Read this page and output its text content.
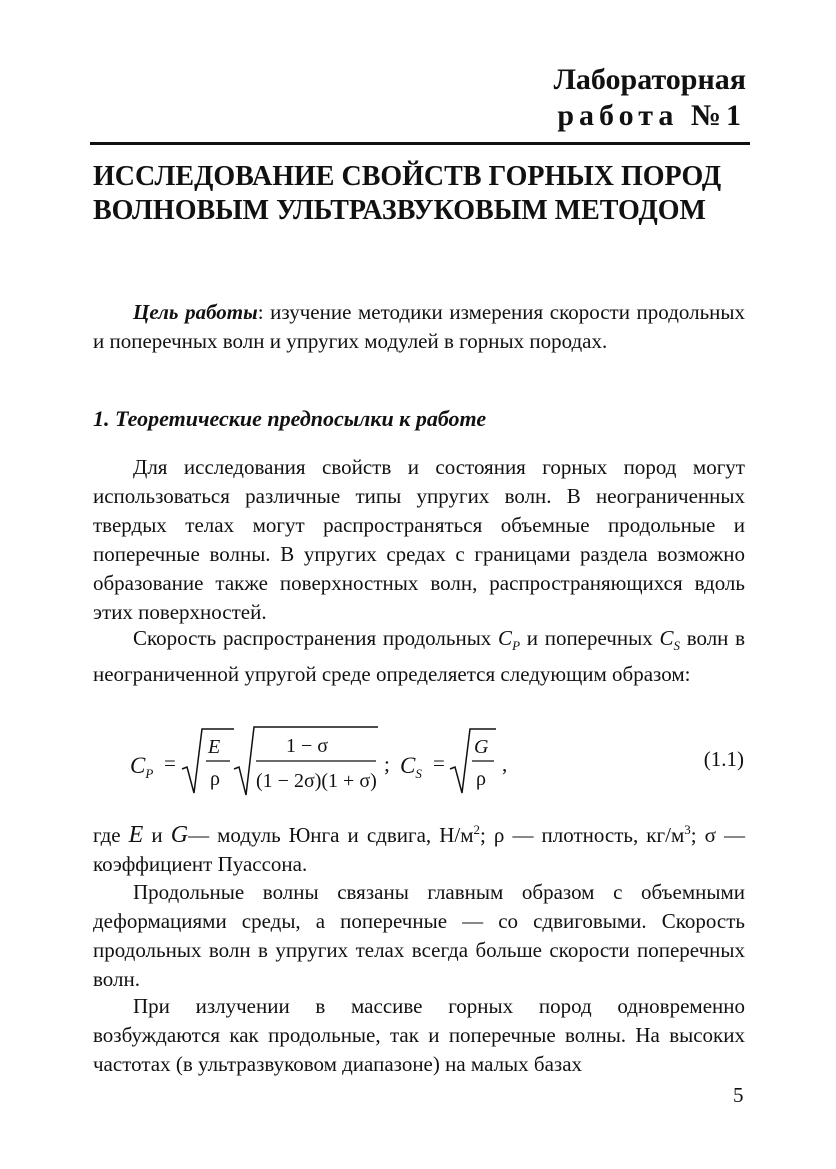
Лабораторная
работа №1
ИССЛЕДОВАНИЕ СВОЙСТВ ГОРНЫХ ПОРОД ВОЛНОВЫМ УЛЬТРАЗВУКОВЫМ МЕТОДОМ
Цель работы: изучение методики измерения скорости продольных и поперечных волн и упругих модулей в горных породах.
1. Теоретические предпосылки к работе
Для исследования свойств и состояния горных пород могут использоваться различные типы упругих волн. В неограниченных твердых телах могут распространяться объемные продольные и поперечные волны. В упругих средах с границами раздела возможно образование также поверхностных волн, распространяющихся вдоль этих поверхностей.
Скорость распространения продольных $C_P$ и поперечных $C_S$ волн в неограниченной упругой среде определяется следующим образом:
$C_P$ =
E
ρ
1 − σ
(1 − 2σ)(1 + σ)
; $C_S$ =
G
ρ
,	(1.1)
где E и G— модуль Юнга и сдвига, $Н/м^2$; ρ — плотность, $кг/м^3$; σ — коэффициент Пуассона.
Продольные волны связаны главным образом с объемными деформациями среды, а поперечные — со сдвиговыми. Скорость продольных волн в упругих телах всегда больше скорости поперечных волн.
При излучении в массиве горных пород одновременно возбуждаются как продольные, так и поперечные волны. На высоких частотах (в ультразвуковом диапазоне) на малых базах
5
